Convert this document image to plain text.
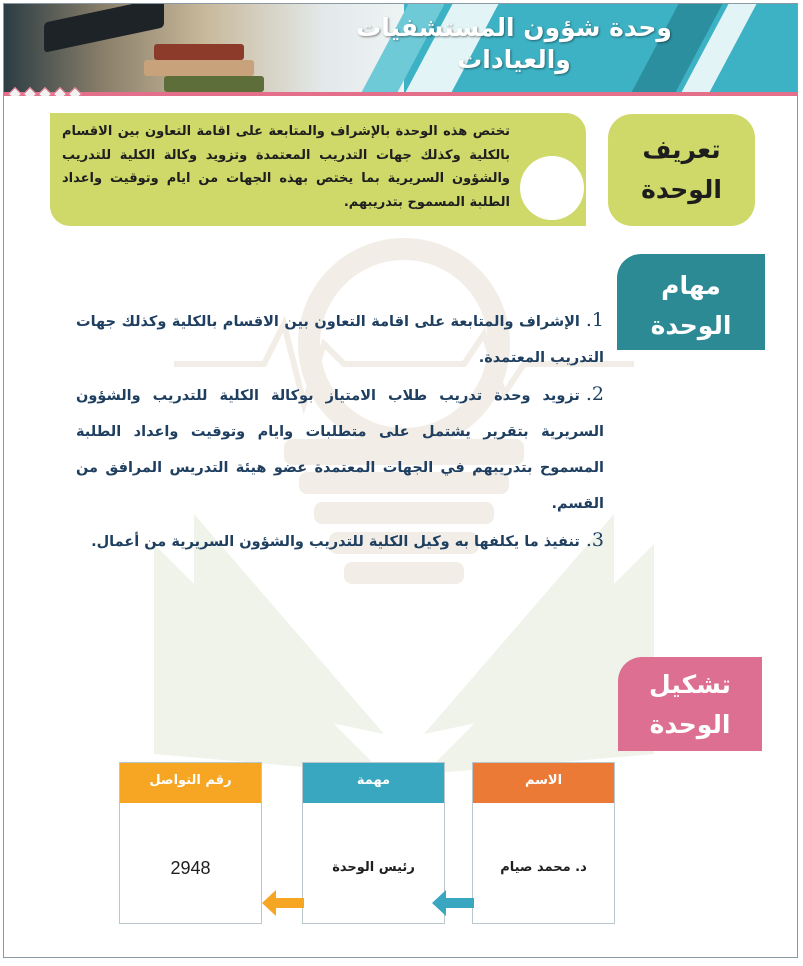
وحدة شؤون المستشفيات
والعيادات
تعريف
الوحدة
تختص هذه الوحدة بالإشراف والمتابعة على اقامة التعاون بين الاقسام بالكلية وكذلك جهات التدريب المعتمدة وتزويد وكالة الكلية للتدريب والشؤون السريرية بما يختص بهذه الجهات من ايام وتوقيت واعداد الطلبة المسموح بتدريبهم.
مهام
الوحدة
1.الإشراف والمتابعة على اقامة التعاون بين الاقسام بالكلية وكذلك جهات التدريب المعتمدة.
2.تزويد وحدة تدريب طلاب الامتياز بوكالة الكلية للتدريب والشؤون السريرية بتقرير يشتمل على متطلبات وايام وتوقيت واعداد الطلبة المسموح بتدريبهم في الجهات المعتمدة عضو هيئة التدريس المرافق من القسم.
3.تنفيذ ما يكلفها به وكيل الكلية للتدريب والشؤون السريرية من أعمال.
تشكيل
الوحدة
الاسم
د. محمد صيام
مهمة
رئيس الوحدة
رقم التواصل
2948
